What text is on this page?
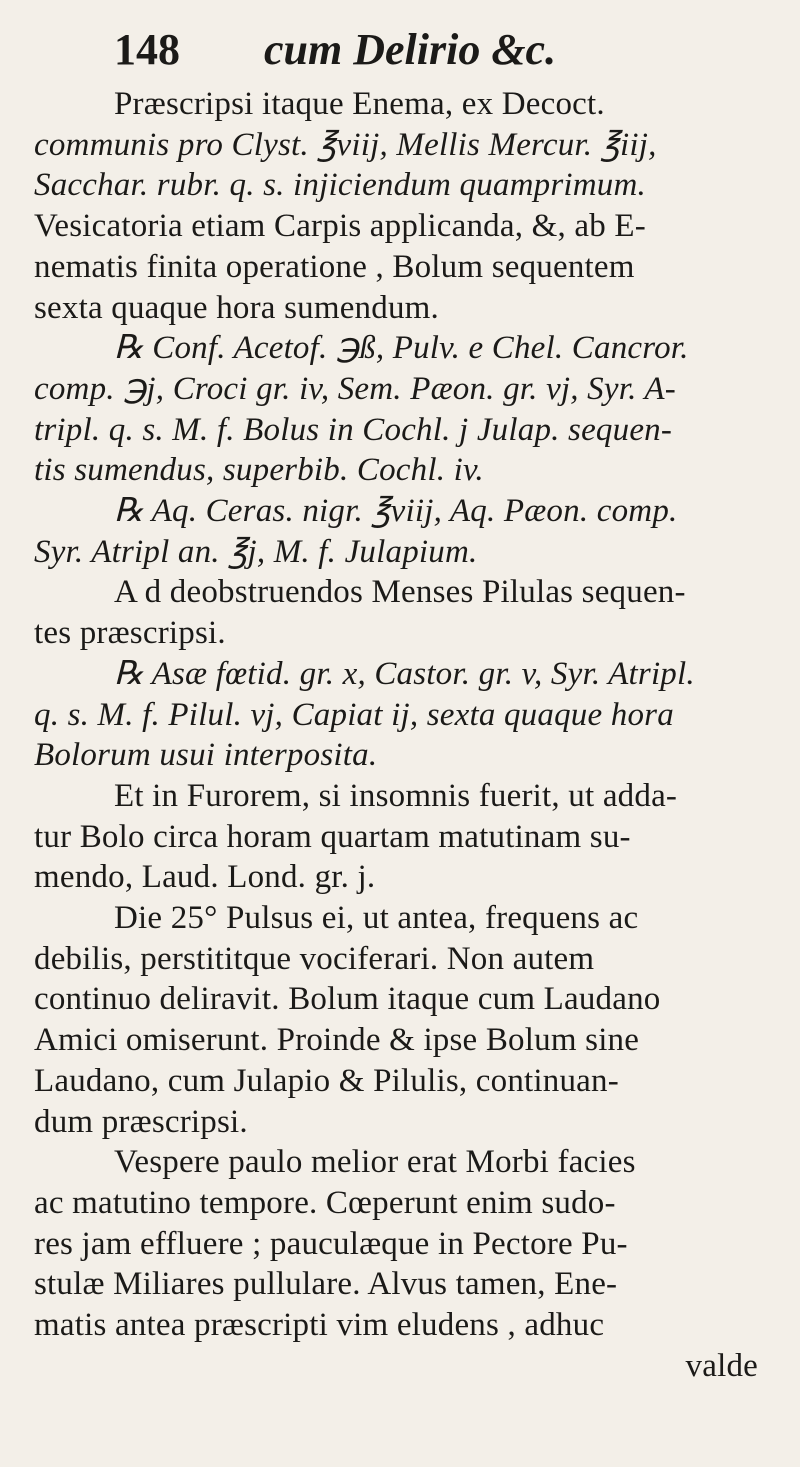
148	cum Delirio &c.
Præscripsi itaque Enema, ex Decoct.
communis pro Clyst. ℥viij, Mellis Mercur. ℥iij,
Sacchar. rubr. q. s. injiciendum quamprimum.
Vesicatoria etiam Carpis applicanda, &, ab E-
nematis finita operatione , Bolum sequentem
sexta quaque hora sumendum.
℞ Conf. Acetof. ℈ß, Pulv. e Chel. Cancror.
comp. ℈j, Croci gr. iv, Sem. Pæon. gr. vj, Syr. A-
tripl. q. s. M. f. Bolus in Cochl. j Julap. sequen-
tis sumendus, superbib. Cochl. iv.
℞ Aq. Ceras. nigr. ℥viij, Aq. Pæon. comp.
Syr. Atripl an. ℥j, M. f. Julapium.
A d deobstruendos Menses Pilulas sequen-
tes præscripsi.
℞ Asæ fœtid. gr. x, Castor. gr. v, Syr. Atripl.
q. s. M. f. Pilul. vj, Capiat ij, sexta quaque hora
Bolorum usui interposita.
Et in Furorem, si insomnis fuerit, ut adda-
tur Bolo circa horam quartam matutinam su-
mendo, Laud. Lond. gr. j.
Die 25° Pulsus ei, ut antea, frequens ac
debilis, perstititque vociferari. Non autem
continuo deliravit. Bolum itaque cum Laudano
Amici omiserunt. Proinde & ipse Bolum sine
Laudano, cum Julapio & Pilulis, continuan-
dum præscripsi.
Vespere paulo melior erat Morbi facies
ac matutino tempore. Cœperunt enim sudo-
res jam effluere ; pauculæque in Pectore Pu-
stulæ Miliares pullulare. Alvus tamen, Ene-
matis antea præscripti vim eludens , adhuc
valde
